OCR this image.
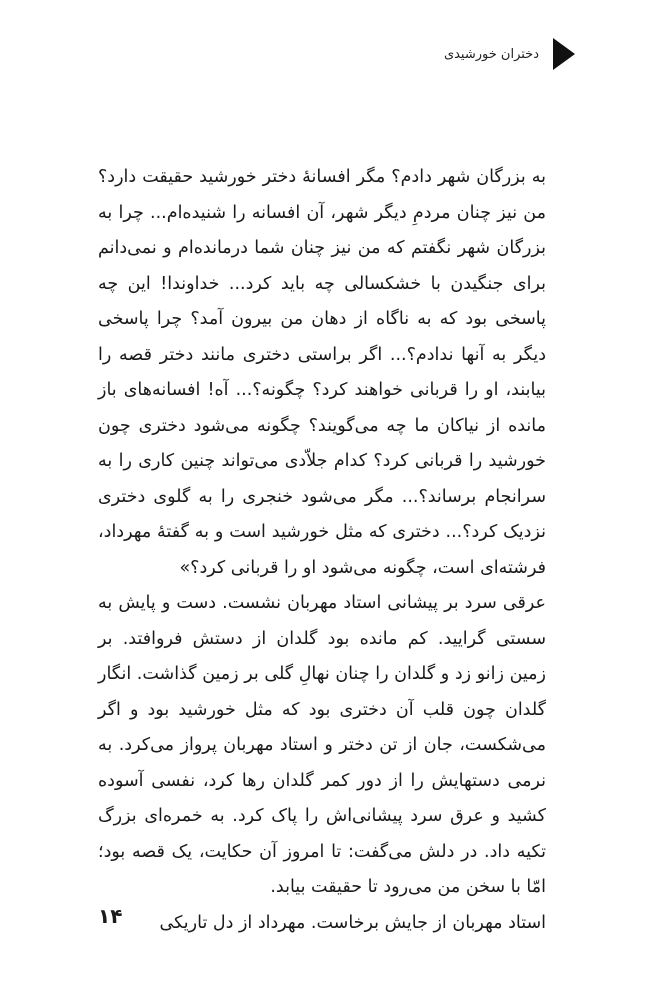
دختران خورشیدی

به بزرگان شهر دادم؟ مگر افسانهٔ دختر خورشید حقیقت دارد؟ من نیز چنان مردمِ دیگر شهر، آن افسانه را شنیده‌ام... چرا به بزرگان شهر نگفتم که من نیز چنان شما درمانده‌ام و نمی‌دانم برای جنگیدن با خشکسالی چه باید کرد... خداوندا! این چه پاسخی بود که به ناگاه از دهان من بیرون آمد؟ چرا پاسخی دیگر به آنها ندادم؟... اگر براستی دختری مانند دختر قصه را بیابند، او را قربانی خواهند کرد؟ چگونه؟... آه! افسانه‌های باز مانده از نیاکان ما چه می‌گویند؟ چگونه می‌شود دختری چون خورشید را قربانی کرد؟ کدام جلاّدی می‌تواند چنین کاری را به سرانجام برساند؟... مگر می‌شود خنجری را به گلوی دختری نزدیک کرد؟... دختری که مثل خورشید است و به گفتهٔ مهرداد، فرشته‌ای است، چگونه می‌شود او را قربانی کرد؟»

عرقی سرد بر پیشانی استاد مهربان نشست. دست و پایش به سستی گرایید. کم مانده بود گلدان از دستش فروافتد. بر زمین زانو زد و گلدان را چنان نهالِ گلی بر زمین گذاشت. انگار گلدان چون قلب آن دختری بود که مثل خورشید بود و اگر می‌شکست، جان از تن دختر و استاد مهربان پرواز می‌کرد. به نرمی دستهایش را از دور کمر گلدان رها کرد، نفسی آسوده کشید و عرق سرد پیشانی‌اش را پاک کرد. به خمره‌ای بزرگ تکیه داد. در دلش می‌گفت: تا امروز آن حکایت، یک قصه بود؛ امّا با سخن من می‌رود تا حقیقت بیابد.

استاد مهربان از جایش برخاست. مهرداد از دل تاریکی

۱۴
